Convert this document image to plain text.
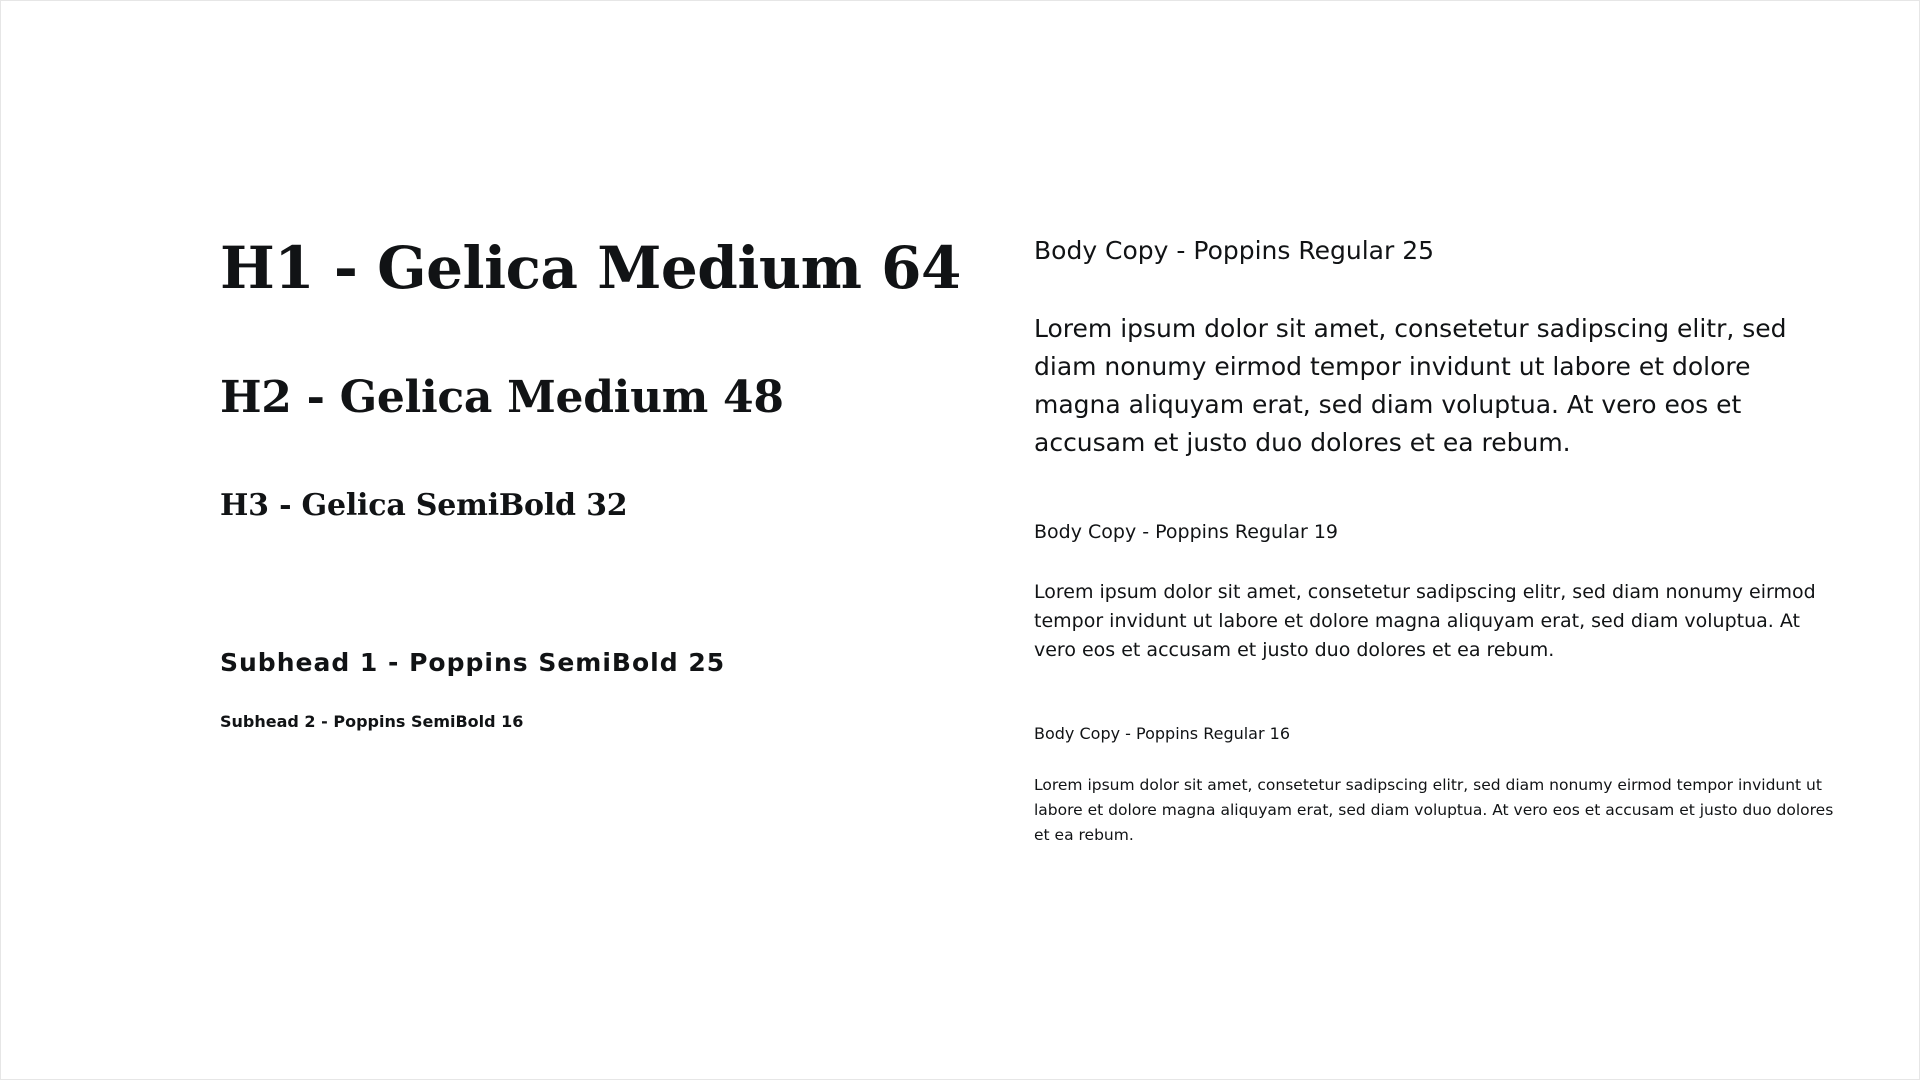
H1 - Gelica Medium 64
H2 - Gelica Medium 48
H3 - Gelica SemiBold 32
Subhead 1 - Poppins SemiBold 25
Subhead 2 - Poppins SemiBold 16
Body Copy - Poppins Regular 25

Lorem ipsum dolor sit amet, consetetur sadipscing elitr, sed diam nonumy eirmod tempor invidunt ut labore et dolore magna aliquyam erat, sed diam voluptua. At vero eos et accusam et justo duo dolores et ea rebum.

Body Copy - Poppins Regular 19

Lorem ipsum dolor sit amet, consetetur sadipscing elitr, sed diam nonumy eirmod tempor invidunt ut labore et dolore magna aliquyam erat, sed diam voluptua. At vero eos et accusam et justo duo dolores et ea rebum.

Body Copy - Poppins Regular 16

Lorem ipsum dolor sit amet, consetetur sadipscing elitr, sed diam nonumy eirmod tempor invidunt ut labore et dolore magna aliquyam erat, sed diam voluptua. At vero eos et accusam et justo duo dolores et ea rebum.
